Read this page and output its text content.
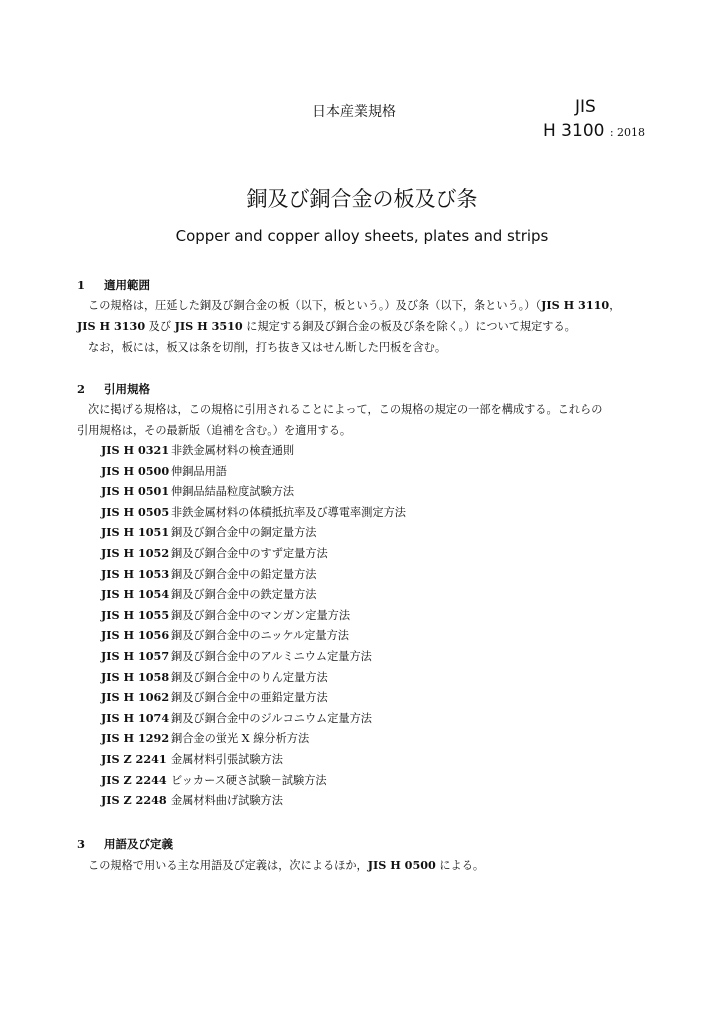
日本産業規格	JIS
H 3100 : 2018
銅及び銅合金の板及び条
Copper and copper alloy sheets, plates and strips
1 適用範囲
この規格は，圧延した銅及び銅合金の板（以下，板という。）及び条（以下，条という。）（JIS H 3110，
JIS H 3130 及び JIS H 3510 に規定する銅及び銅合金の板及び条を除く。）について規定する。
なお，板には，板又は条を切削，打ち抜き又はせん断した円板を含む。
2 引用規格
次に掲げる規格は，この規格に引用されることによって，この規格の規定の一部を構成する。これらの
引用規格は，その最新版（追補を含む。）を適用する。
JIS H 0321 非鉄金属材料の検査通則
JIS H 0500 伸銅品用語
JIS H 0501 伸銅品結晶粒度試験方法
JIS H 0505 非鉄金属材料の体積抵抗率及び導電率測定方法
JIS H 1051 銅及び銅合金中の銅定量方法
JIS H 1052 銅及び銅合金中のすず定量方法
JIS H 1053 銅及び銅合金中の鉛定量方法
JIS H 1054 銅及び銅合金中の鉄定量方法
JIS H 1055 銅及び銅合金中のマンガン定量方法
JIS H 1056 銅及び銅合金中のニッケル定量方法
JIS H 1057 銅及び銅合金中のアルミニウム定量方法
JIS H 1058 銅及び銅合金中のりん定量方法
JIS H 1062 銅及び銅合金中の亜鉛定量方法
JIS H 1074 銅及び銅合金中のジルコニウム定量方法
JIS H 1292 銅合金の蛍光 X 線分析方法
JIS Z 2241 金属材料引張試験方法
JIS Z 2244 ビッカース硬さ試験－試験方法
JIS Z 2248 金属材料曲げ試験方法
3 用語及び定義
この規格で用いる主な用語及び定義は，次によるほか，JIS H 0500 による。
